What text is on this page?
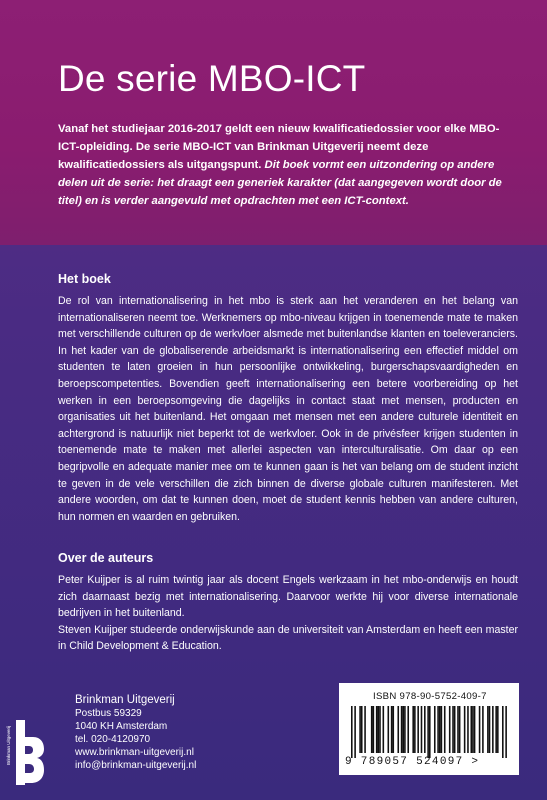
De serie MBO-ICT
Vanaf het studiejaar 2016-2017 geldt een nieuw kwalificatiedossier voor elke MBO-ICT-opleiding. De serie MBO-ICT van Brinkman Uitgeverij neemt deze kwalificatiedossiers als uitgangspunt. Dit boek vormt een uitzondering op andere delen uit de serie: het draagt een generiek karakter (dat aangegeven wordt door de titel) en is verder aangevuld met opdrachten met een ICT-context.
Het boek

De rol van internationalisering in het mbo is sterk aan het veranderen en het belang van internationaliseren neemt toe. Werknemers op mbo-niveau krijgen in toenemende mate te maken met verschillende culturen op de werkvloer alsmede met buitenlandse klanten en toeleveranciers. In het kader van de globaliserende arbeidsmarkt is internationalisering een effectief middel om studenten te laten groeien in hun persoonlijke ontwikkeling, burgerschapsvaardigheden en beroepscompetenties. Bovendien geeft internationalisering een betere voorbereiding op het werken in een beroepsomgeving die dagelijks in contact staat met mensen, producten en organisaties uit het buitenland. Het omgaan met mensen met een andere culturele identiteit en achtergrond is natuurlijk niet beperkt tot de werkvloer. Ook in de privésfeer krijgen studenten in toenemende mate te maken met allerlei aspecten van interculturalisatie. Om daar op een begripvolle en adequate manier mee om te kunnen gaan is het van belang om de student inzicht te geven in de vele verschillen die zich binnen de diverse globale culturen manifesteren. Met andere woorden, om dat te kunnen doen, moet de student kennis hebben van andere culturen, hun normen en waarden en gebruiken.

Over de auteurs

Peter Kuijper is al ruim twintig jaar als docent Engels werkzaam in het mbo-onderwijs en houdt zich daarnaast bezig met internationalisering. Daarvoor werkte hij voor diverse internationale bedrijven in het buitenland.

Steven Kuijper studeerde onderwijskunde aan de universiteit van Amsterdam en heeft een master in Child Development & Education.

Brinkman Uitgeverij
Brinkman Uitgeverij
Postbus 59329
1040 KH Amsterdam
tel. 020-4120970
www.brinkman-uitgeverij.nl
info@brinkman-uitgeverij.nl
ISBN 978-90-5752-409-7
9 789057 524097 >
